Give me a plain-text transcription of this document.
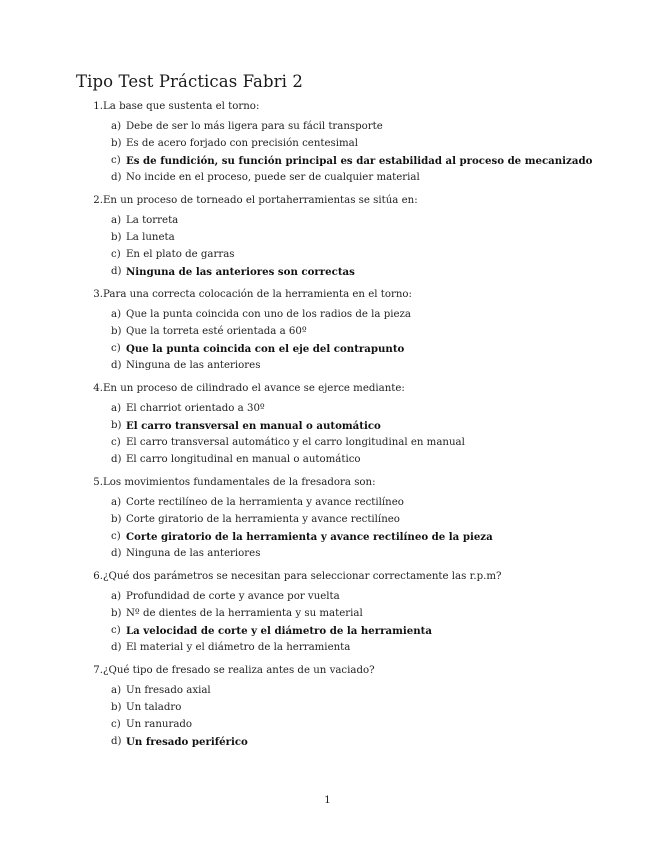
Tipo Test Prácticas Fabri 2
1. La base que sustenta el torno:
a) Debe de ser lo más ligera para su fácil transporte
b) Es de acero forjado con precisión centesimal
c) Es de fundición, su función principal es dar estabilidad al proceso de mecanizado
d) No incide en el proceso, puede ser de cualquier material
2. En un proceso de torneado el portaherramientas se sitúa en:
a) La torreta
b) La luneta
c) En el plato de garras
d) Ninguna de las anteriores son correctas
3. Para una correcta colocación de la herramienta en el torno:
a) Que la punta coincida con uno de los radios de la pieza
b) Que la torreta esté orientada a 60º
c) Que la punta coincida con el eje del contrapunto
d) Ninguna de las anteriores
4. En un proceso de cilindrado el avance se ejerce mediante:
a) El charriot orientado a 30º
b) El carro transversal en manual o automático
c) El carro transversal automático y el carro longitudinal en manual
d) El carro longitudinal en manual o automático
5. Los movimientos fundamentales de la fresadora son:
a) Corte rectilíneo de la herramienta y avance rectilíneo
b) Corte giratorio de la herramienta y avance rectilíneo
c) Corte giratorio de la herramienta y avance rectilíneo de la pieza
d) Ninguna de las anteriores
6. ¿Qué dos parámetros se necesitan para seleccionar correctamente las r.p.m?
a) Profundidad de corte y avance por vuelta
b) Nº de dientes de la herramienta y su material
c) La velocidad de corte y el diámetro de la herramienta
d) El material y el diámetro de la herramienta
7. ¿Qué tipo de fresado se realiza antes de un vaciado?
a) Un fresado axial
b) Un taladro
c) Un ranurado
d) Un fresado periférico
1
